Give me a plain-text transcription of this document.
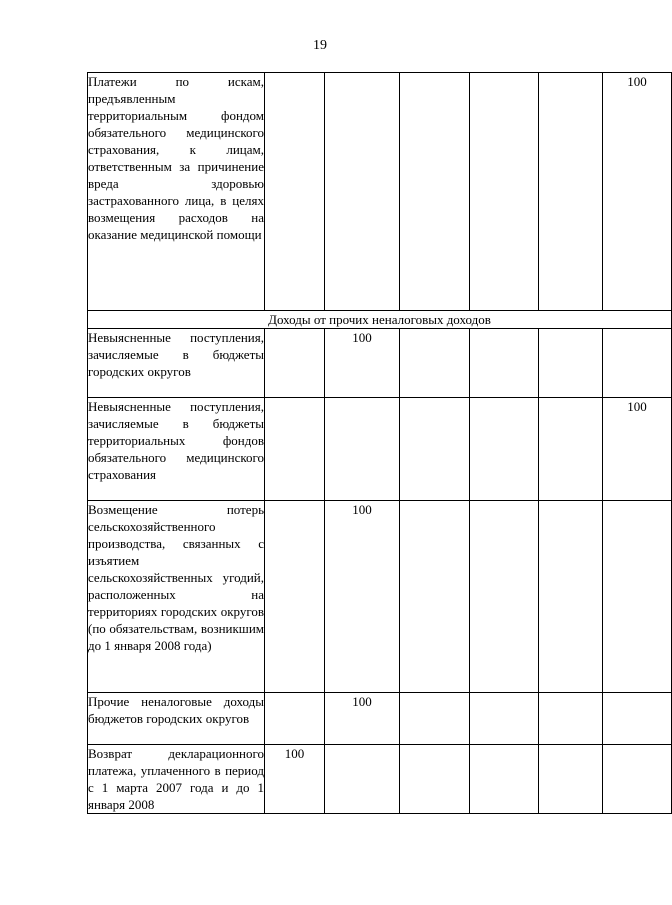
19
Платежи по искам, предъявленным территориальным фондом обязательного медицинского страхования, к лицам, ответственным за причинение вреда здоровью застрахованного лица, в целях возмещения расходов на оказание медицинской помощи						100
Доходы от прочих неналоговых доходов						

Невыясненные поступления, зачисляемые в бюджеты городских округов		100				

Невыясненные поступления, зачисляемые в бюджеты территориальных фондов обязательного медицинского страхования						100

Возмещение потерь сельскохозяйственного производства, связанных с изъятием сельскохозяйственных угодий, расположенных на территориях городских округов (по обязательствам, возникшим до 1 января 2008 года)		100				

Прочие неналоговые доходы бюджетов городских округов		100				

Возврат декларационного платежа, уплаченного в период с 1 марта 2007 года и до 1 января 2008	100					
